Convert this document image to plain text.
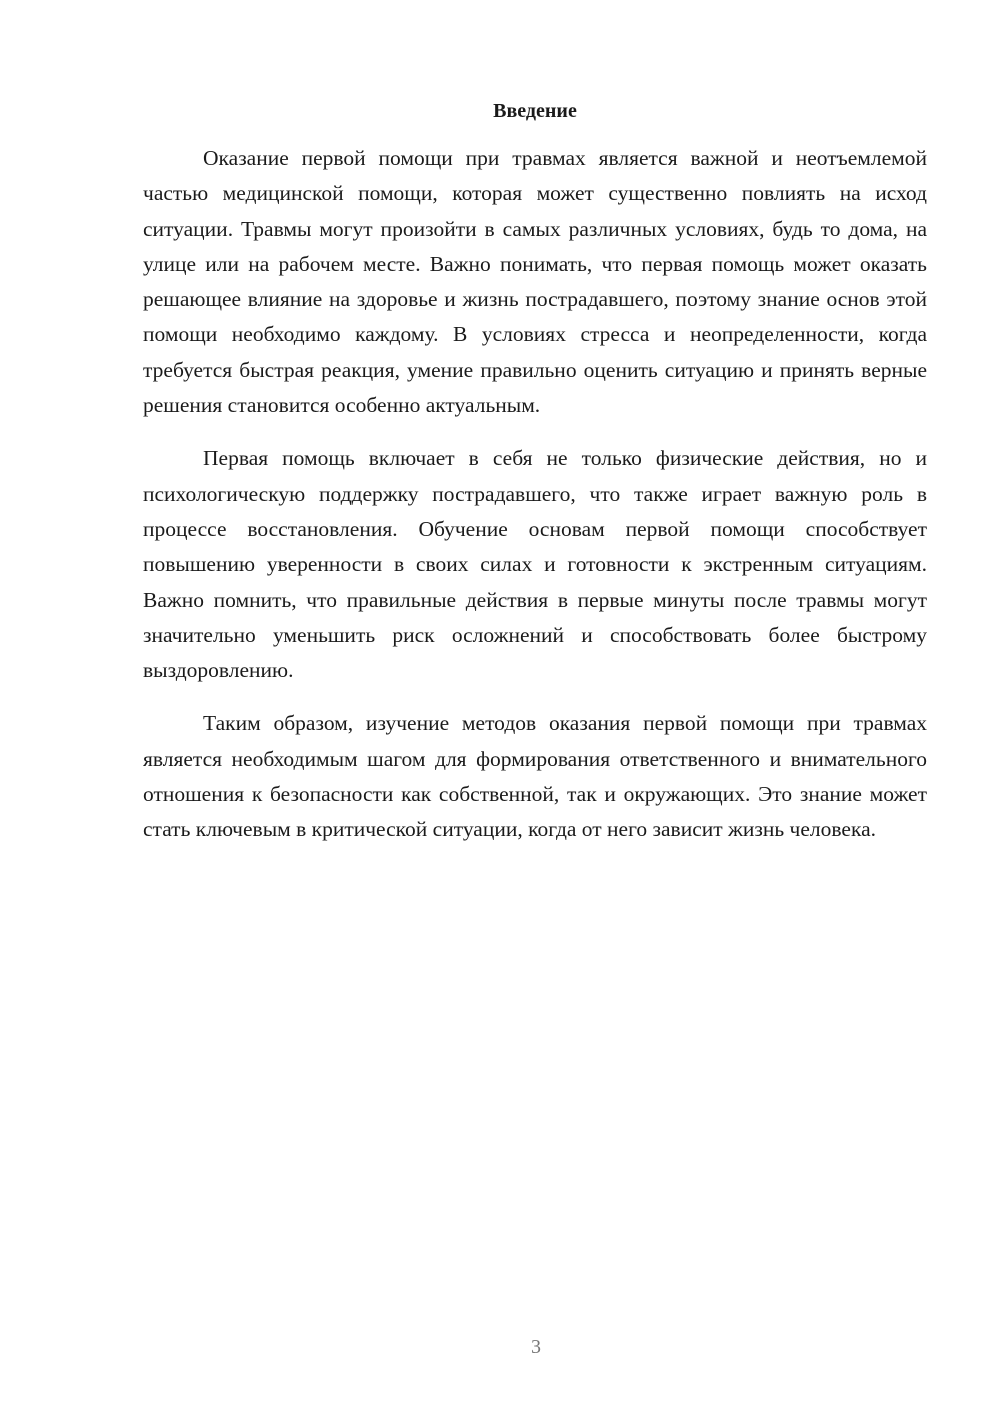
Введение

Оказание первой помощи при травмах является важной и неотъемлемой частью медицинской помощи, которая может существенно повлиять на исход ситуации. Травмы могут произойти в самых различных условиях, будь то дома, на улице или на рабочем месте. Важно понимать, что первая помощь может оказать решающее влияние на здоровье и жизнь пострадавшего, поэтому знание основ этой помощи необходимо каждому. В условиях стресса и неопределенности, когда требуется быстрая реакция, умение правильно оценить ситуацию и принять верные решения становится особенно актуальным.

Первая помощь включает в себя не только физические действия, но и психологическую поддержку пострадавшего, что также играет важную роль в процессе восстановления. Обучение основам первой помощи способствует повышению уверенности в своих силах и готовности к экстренным ситуациям. Важно помнить, что правильные действия в первые минуты после травмы могут значительно уменьшить риск осложнений и способствовать более быстрому выздоровлению.

Таким образом, изучение методов оказания первой помощи при травмах является необходимым шагом для формирования ответственного и внимательного отношения к безопасности как собственной, так и окружающих. Это знание может стать ключевым в критической ситуации, когда от него зависит жизнь человека.

3
